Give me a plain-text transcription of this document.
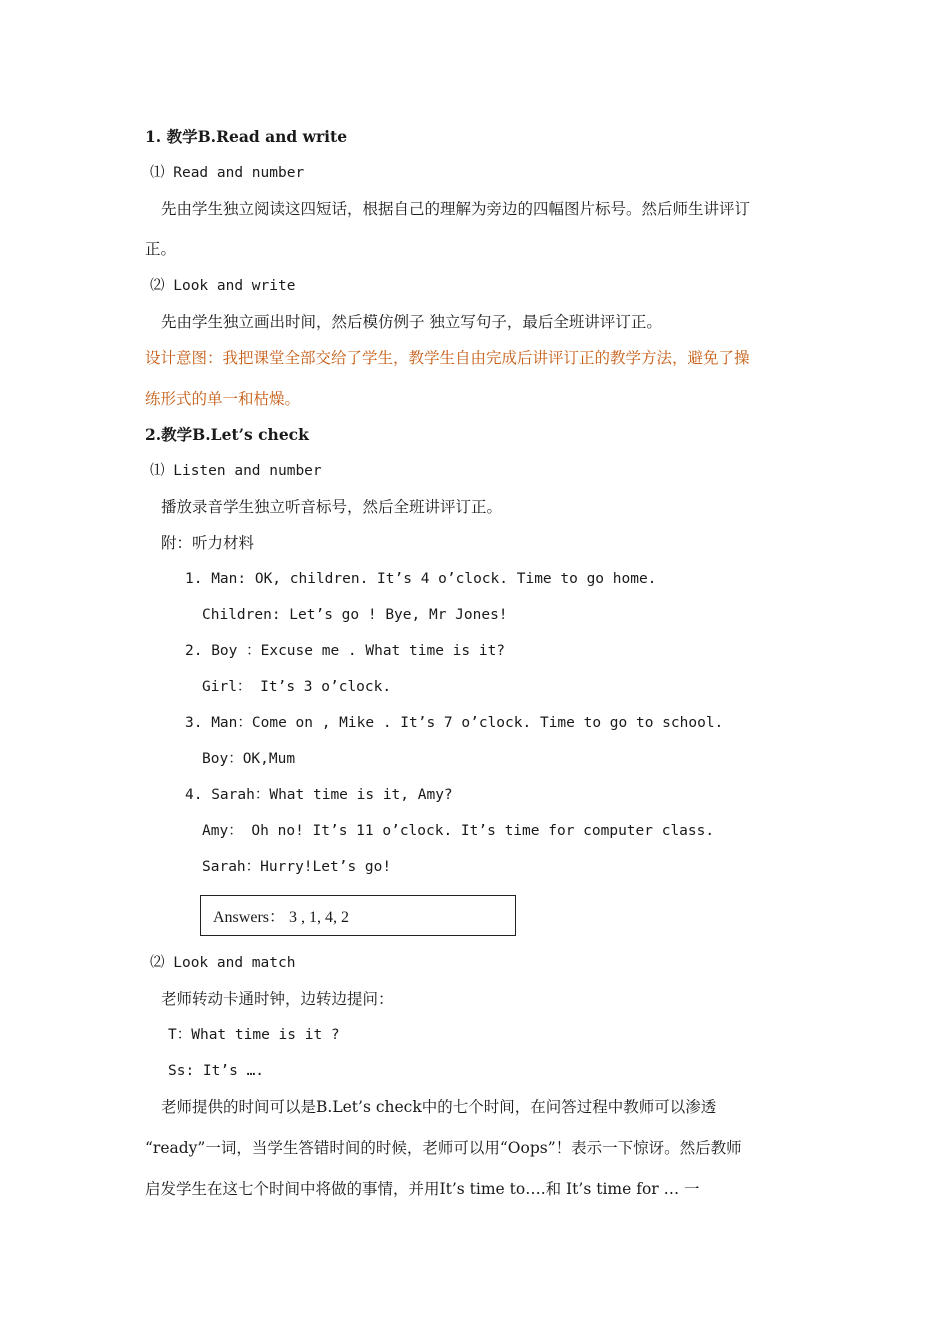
1. 教学B.Read and write
⑴ Read and number
先由学生独立阅读这四短话，根据自己的理解为旁边的四幅图片标号。然后师生讲评订
正。
⑵ Look and write
先由学生独立画出时间，然后模仿例子 独立写句子，最后全班讲评订正。
设计意图：我把课堂全部交给了学生，教学生自由完成后讲评订正的教学方法，避免了操
练形式的单一和枯燥。
2.教学B.Let’s check
⑴ Listen and number
播放录音学生独立听音标号，然后全班讲评订正。
附：听力材料
1. Man: OK, children. It’s 4 o’clock. Time to go home.
Children: Let’s go ! Bye, Mr Jones!
2. Boy ：Excuse me . What time is it?
Girl： It’s 3 o’clock.
3. Man：Come on , Mike . It’s 7 o’clock. Time to go to school.
Boy：OK,Mum
4. Sarah：What time is it, Amy?
Amy： Oh no! It’s 11 o’clock. It’s time for computer class.
Sarah：Hurry!Let’s go!
Answers： 3 , 1, 4, 2
⑵ Look and match
老师转动卡通时钟，边转边提问：
T：What time is it ?
Ss: It’s ….
老师提供的时间可以是B.Let’s check中的七个时间，在问答过程中教师可以渗透
“ready”一词，当学生答错时间的时候，老师可以用“Oops”！表示一下惊讶。然后教师
启发学生在这七个时间中将做的事情，并用It’s time to….和 It’s time for … 一
